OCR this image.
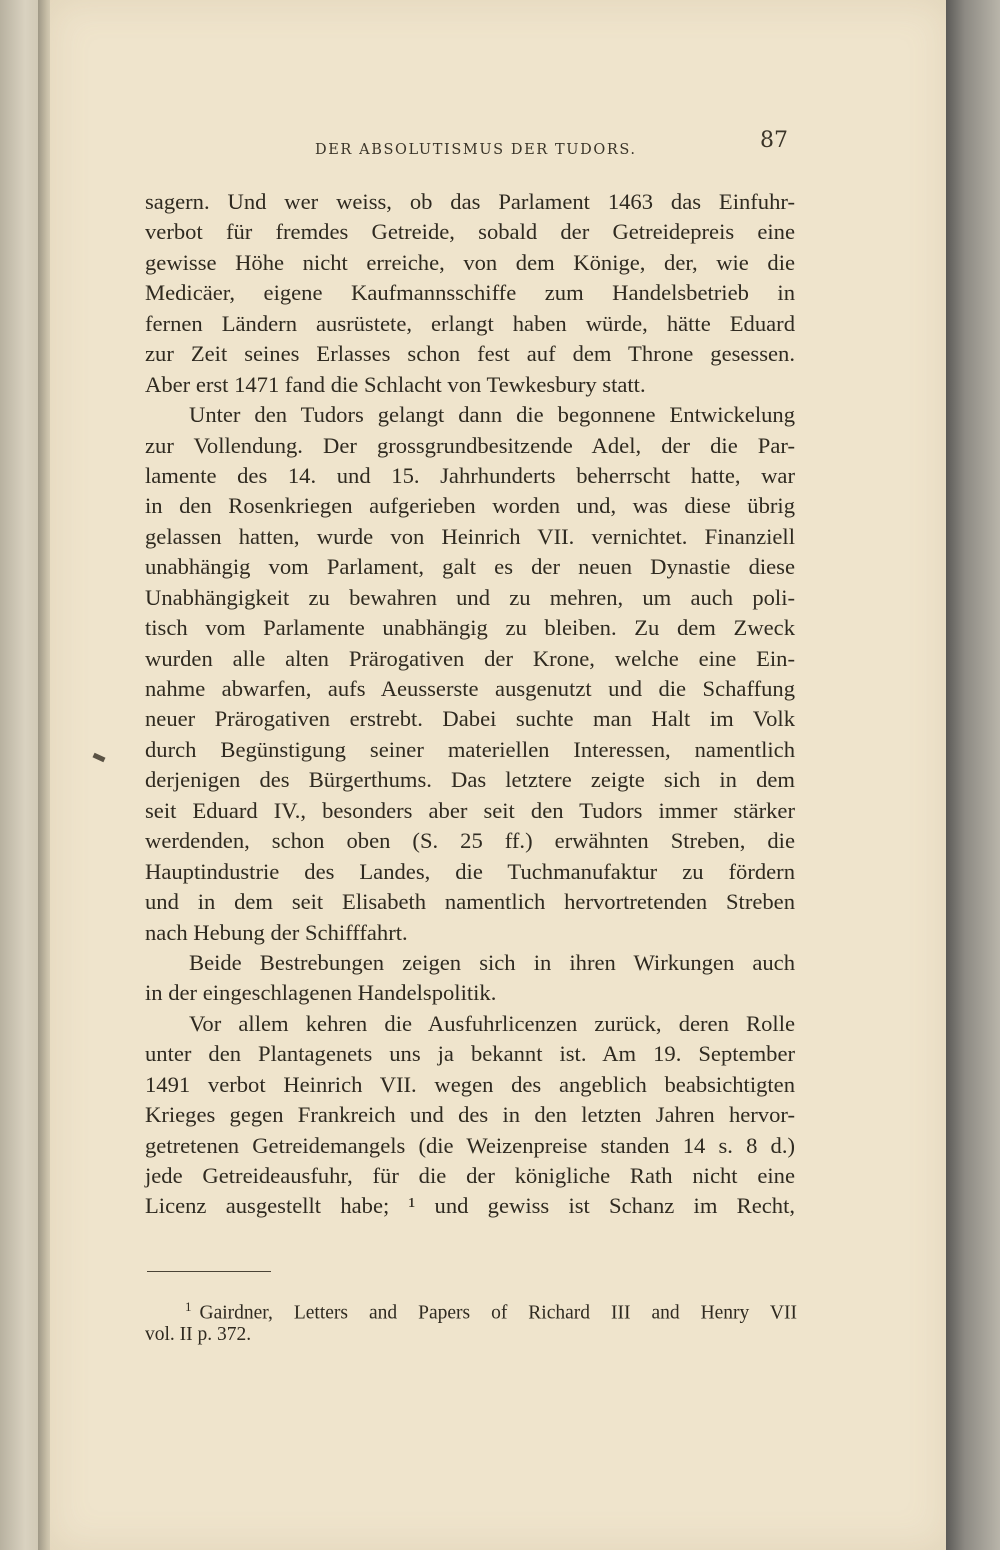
DER ABSOLUTISMUS DER TUDORS.	87
sagern. Und wer weiss, ob das Parlament 1463 das Einfuhr-
verbot für fremdes Getreide, sobald der Getreidepreis eine
gewisse Höhe nicht erreiche, von dem Könige, der, wie die
Medicäer, eigene Kaufmannsschiffe zum Handelsbetrieb in
fernen Ländern ausrüstete, erlangt haben würde, hätte Eduard
zur Zeit seines Erlasses schon fest auf dem Throne gesessen.
Aber erst 1471 fand die Schlacht von Tewkesbury statt.
Unter den Tudors gelangt dann die begonnene Entwickelung
zur Vollendung. Der grossgrundbesitzende Adel, der die Par-
lamente des 14. und 15. Jahrhunderts beherrscht hatte, war
in den Rosenkriegen aufgerieben worden und, was diese übrig
gelassen hatten, wurde von Heinrich VII. vernichtet. Finanziell
unabhängig vom Parlament, galt es der neuen Dynastie diese
Unabhängigkeit zu bewahren und zu mehren, um auch poli-
tisch vom Parlamente unabhängig zu bleiben. Zu dem Zweck
wurden alle alten Prärogativen der Krone, welche eine Ein-
nahme abwarfen, aufs Aeusserste ausgenutzt und die Schaffung
neuer Prärogativen erstrebt. Dabei suchte man Halt im Volk
durch Begünstigung seiner materiellen Interessen, namentlich
derjenigen des Bürgerthums. Das letztere zeigte sich in dem
seit Eduard IV., besonders aber seit den Tudors immer stärker
werdenden, schon oben (S. 25 ff.) erwähnten Streben, die
Hauptindustrie des Landes, die Tuchmanufaktur zu fördern
und in dem seit Elisabeth namentlich hervortretenden Streben
nach Hebung der Schifffahrt.
Beide Bestrebungen zeigen sich in ihren Wirkungen auch
in der eingeschlagenen Handelspolitik.
Vor allem kehren die Ausfuhrlicenzen zurück, deren Rolle
unter den Plantagenets uns ja bekannt ist. Am 19. September
1491 verbot Heinrich VII. wegen des angeblich beabsichtigten
Krieges gegen Frankreich und des in den letzten Jahren hervor-
getretenen Getreidemangels (die Weizenpreise standen 14 s. 8 d.)
jede Getreideausfuhr, für die der königliche Rath nicht eine
Licenz ausgestellt habe; ¹ und gewiss ist Schanz im Recht,
$^1$ Gairdner, Letters and Papers of Richard III and Henry VII
vol. II p. 372.
